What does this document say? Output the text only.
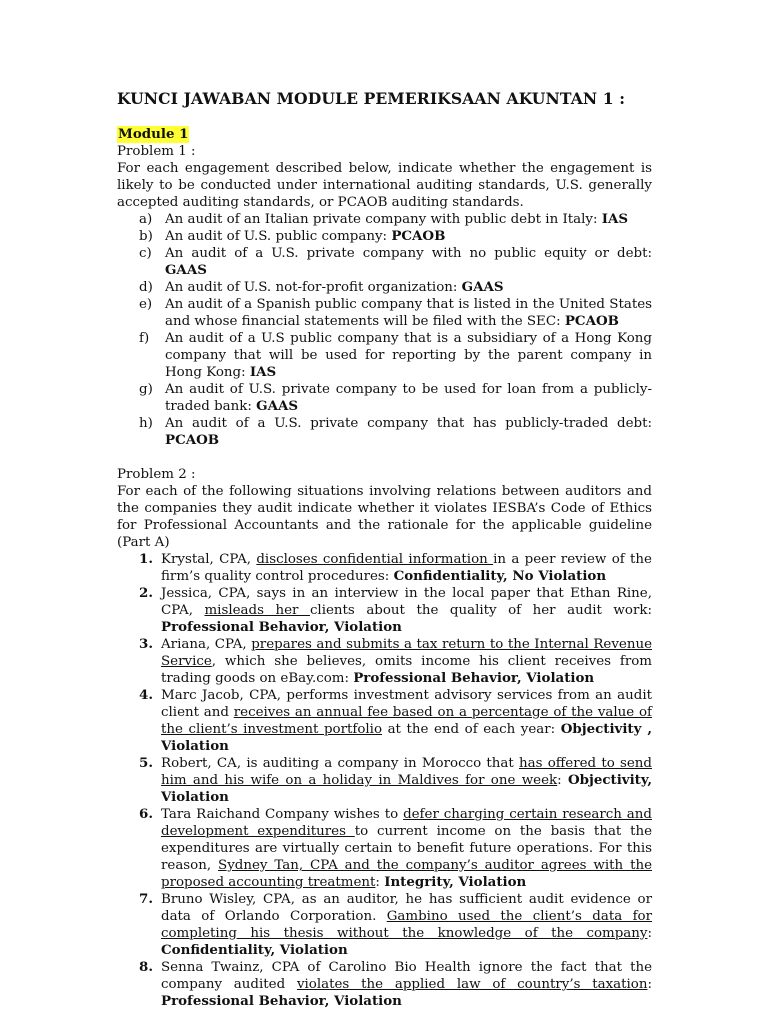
KUNCI JAWABAN MODULE PEMERIKSAAN AKUNTAN 1 :
Module 1
Problem 1 :
For each engagement described below, indicate whether the engagement is likely to be conducted under international auditing standards, U.S. generally accepted auditing standards, or PCAOB auditing standards.
a) An audit of an Italian private company with public debt in Italy: IAS
b) An audit of U.S. public company: PCAOB
c) An audit of a U.S. private company with no public equity or debt: GAAS
d) An audit of U.S. not-for-profit organization: GAAS
e) An audit of a Spanish public company that is listed in the United States and whose financial statements will be filed with the SEC: PCAOB
f) An audit of a U.S public company that is a subsidiary of a Hong Kong company that will be used for reporting by the parent company in Hong Kong: IAS
g) An audit of U.S. private company to be used for loan from a publicly-traded bank: GAAS
h) An audit of a U.S. private company that has publicly-traded debt: PCAOB
Problem 2 :
For each of the following situations involving relations between auditors and the companies they audit indicate whether it violates IESBA’s Code of Ethics for Professional Accountants and the rationale for the applicable guideline (Part A)
1. Krystal, CPA, discloses confidential information in a peer review of the firm’s quality control procedures: Confidentiality, No Violation
2. Jessica, CPA, says in an interview in the local paper that Ethan Rine, CPA, misleads her clients about the quality of her audit work: Professional Behavior, Violation
3. Ariana, CPA, prepares and submits a tax return to the Internal Revenue Service, which she believes, omits income his client receives from trading goods on eBay.com: Professional Behavior, Violation
4. Marc Jacob, CPA, performs investment advisory services from an audit client and receives an annual fee based on a percentage of the value of the client’s investment portfolio at the end of each year: Objectivity , Violation
5. Robert, CA, is auditing a company in Morocco that has offered to send him and his wife on a holiday in Maldives for one week: Objectivity, Violation
6. Tara Raichand Company wishes to defer charging certain research and development expenditures to current income on the basis that the expenditures are virtually certain to benefit future operations. For this reason, Sydney Tan, CPA and the company’s auditor agrees with the proposed accounting treatment: Integrity, Violation
7. Bruno Wisley, CPA, as an auditor, he has sufficient audit evidence or data of Orlando Corporation. Gambino used the client’s data for completing his thesis without the knowledge of the company: Confidentiality, Violation
8. Senna Twainz, CPA of Carolino Bio Health ignore the fact that the company audited violates the applied law of country’s taxation: Professional Behavior, Violation
